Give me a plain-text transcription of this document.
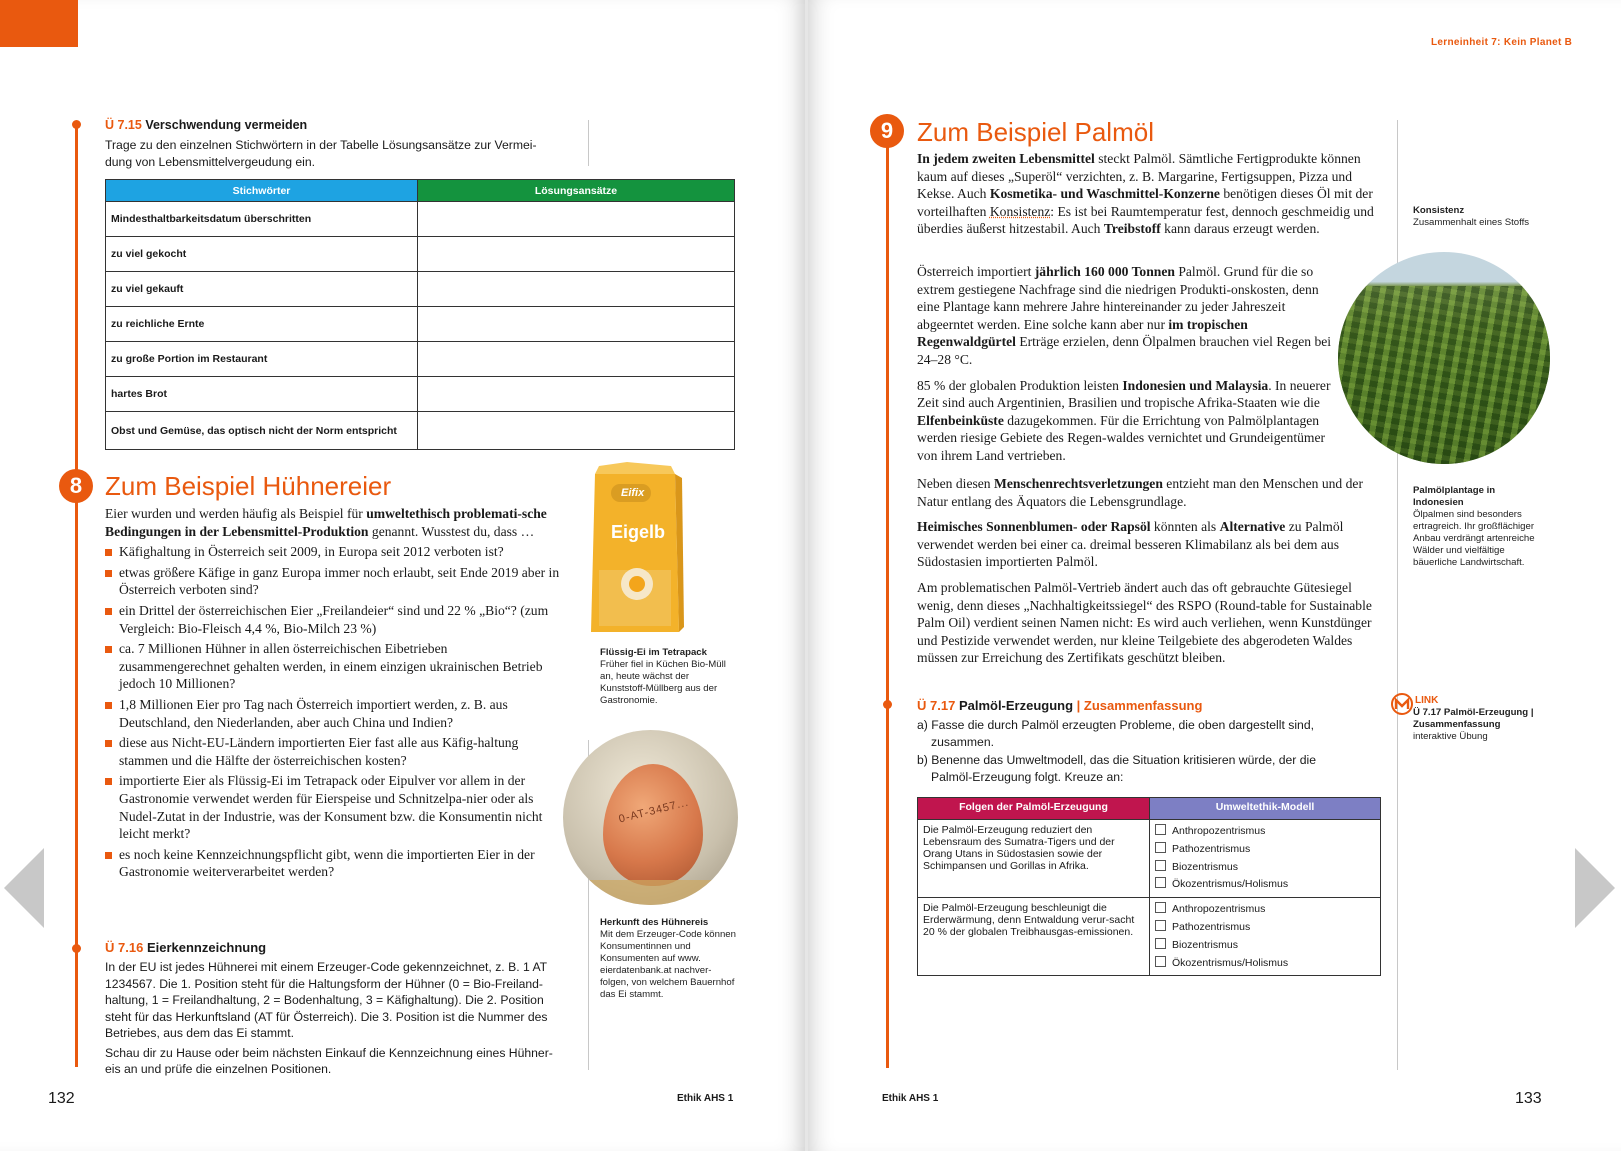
Ü 7.15 Verschwendung vermeiden
Trage zu den einzelnen Stichwörtern in der Tabelle Lösungsansätze zur Vermei-dung von Lebensmittelvergeudung ein.
Stichwörter	Lösungsansätze
Mindesthaltbarkeitsdatum überschritten	
zu viel gekocht	
zu viel gekauft	
zu reichliche Ernte	
zu große Portion im Restaurant	
hartes Brot	
Obst und Gemüse, das optisch nicht der Norm entspricht	
8 Zum Beispiel Hühnereier

Eier wurden und werden häufig als Beispiel für umweltethisch problemati-sche Bedingungen in der Lebensmittel-Produktion genannt. Wusstest du, dass …

Käfighaltung in Österreich seit 2009, in Europa seit 2012 verboten ist?
etwas größere Käfige in ganz Europa immer noch erlaubt, seit Ende 2019 aber in Österreich verboten sind?
ein Drittel der österreichischen Eier „Freilandeier“ sind und 22 % „Bio“? (zum Vergleich: Bio-Fleisch 4,4 %, Bio-Milch 23 %)
ca. 7 Millionen Hühner in allen österreichischen Eibetrieben zusammengerechnet gehalten werden, in einem einzigen ukrainischen Betrieb jedoch 10 Millionen?
1,8 Millionen Eier pro Tag nach Österreich importiert werden, z. B. aus Deutschland, den Niederlanden, aber auch China und Indien?
diese aus Nicht-EU-Ländern importierten Eier fast alle aus Käfig-haltung stammen und die Hälfte der österreichischen kosten?
importierte Eier als Flüssig-Ei im Tetrapack oder Eipulver vor allem in der Gastronomie verwendet werden für Eierspeise und Schnitzelpa-nier oder als Nudel-Zutat in der Industrie, was der Konsument bzw. die Konsumentin nicht leicht merkt?
es noch keine Kennzeichnungspflicht gibt, wenn die importierten Eier in der Gastronomie weiterverarbeitet werden?
Eifix
Eigelb
Flüssig-Ei im Tetrapack
Früher fiel in Küchen Bio-Müll an, heute wächst der Kunststoff-Müllberg aus der Gastronomie.
0-AT-3457...
Herkunft des Hühnereis
Mit dem Erzeuger-Code können Konsumentinnen und Konsumenten auf www. eierdatenbank.at nachver-folgen, von welchem Bauernhof das Ei stammt.
Ü 7.16 Eierkennzeichnung

In der EU ist jedes Hühnerei mit einem Erzeuger-Code gekennzeichnet, z. B. 1 AT 1234567. Die 1. Position steht für die Haltungsform der Hühner (0 = Bio-Freiland-haltung, 1 = Freilandhaltung, 2 = Bodenhaltung, 3 = Käfighaltung). Die 2. Position steht für das Herkunftsland (AT für Österreich). Die 3. Position ist die Nummer des Betriebes, aus dem das Ei stammt.

Schau dir zu Hause oder beim nächsten Einkauf die Kennzeichnung eines Hühner-eis an und prüfe die einzelnen Positionen.

132	Ethik AHS 1
Lerneinheit 7: Kein Planet B
9 Zum Beispiel Palmöl

In jedem zweiten Lebensmittel steckt Palmöl. Sämtliche Fertigprodukte können kaum auf dieses „Superöl“ verzichten, z. B. Margarine, Fertigsuppen, Pizza und Kekse. Auch Kosmetika- und Waschmittel-Konzerne benötigen dieses Öl mit der vorteilhaften Konsistenz: Es ist bei Raumtemperatur fest, dennoch geschmeidig und überdies äußerst hitzestabil. Auch Treibstoff kann daraus erzeugt werden.

Österreich importiert jährlich 160 000 Tonnen Palmöl. Grund für die so extrem gestiegene Nachfrage sind die niedrigen Produkti-onskosten, denn eine Plantage kann mehrere Jahre hintereinander zu jeder Jahreszeit abgeerntet werden. Eine solche kann aber nur im tropischen Regenwaldgürtel Erträge erzielen, denn Ölpalmen brauchen viel Regen bei 24–28 °C.

85 % der globalen Produktion leisten Indonesien und Malaysia. In neuerer Zeit sind auch Argentinien, Brasilien und tropische Afrika-Staaten wie die Elfenbeinküste dazugekommen. Für die Errichtung von Palmölplantagen werden riesige Gebiete des Regen-waldes vernichtet und Grundeigentümer von ihrem Land vertrieben.

Neben diesen Menschenrechtsverletzungen entzieht man den Menschen und der Natur entlang des Äquators die Lebensgrundlage.

Heimisches Sonnenblumen- oder Rapsöl könnten als Alternative zu Palmöl verwendet werden bei einer ca. dreimal besseren Klimabilanz als bei dem aus Südostasien importierten Palmöl.

Am problematischen Palmöl-Vertrieb ändert auch das oft gebrauchte Gütesiegel wenig, denn dieses „Nachhaltigkeitssiegel“ des RSPO (Round-table for Sustainable Palm Oil) verdient seinen Namen nicht: Es wird auch verliehen, wenn Kunstdünger und Pestizide verwendet werden, nur kleine Teilgebiete des abgerodeten Waldes müssen zur Erreichung des Zertifikats geschützt bleiben.

Konsistenz
Zusammenhalt eines Stoffs
Palmölplantage in Indonesien
Ölpalmen sind besonders ertragreich. Ihr großflächiger Anbau verdrängt artenreiche Wälder und vielfältige bäuerliche Landwirtschaft.
LINK
Ü 7.17 Palmöl-Erzeugung | Zusammenfassung
interaktive Übung
Ü 7.17 Palmöl-Erzeugung | Zusammenfassung

a) Fasse die durch Palmöl erzeugten Probleme, die oben dargestellt sind, zusammen.

b) Benenne das Umweltmodell, das die Situation kritisieren würde, der die Palmöl-Erzeugung folgt. Kreuze an:

Folgen der Palmöl-Erzeugung	Umweltethik-Modell
Die Palmöl-Erzeugung reduziert den Lebensraum des Sumatra-Tigers und der Orang Utans in Südostasien sowie der Schimpansen und Gorillas in Afrika.	Anthropozentrismus
Pathozentrismus
Biozentrismus
Ökozentrismus/Holismus

Die Palmöl-Erzeugung beschleunigt die Erderwärmung, denn Entwaldung verur-sacht 20 % der globalen Treibhausgas-emissionen.	Anthropozentrismus
Pathozentrismus
Biozentrismus
Ökozentrismus/Holismus
Ethik AHS 1	133
